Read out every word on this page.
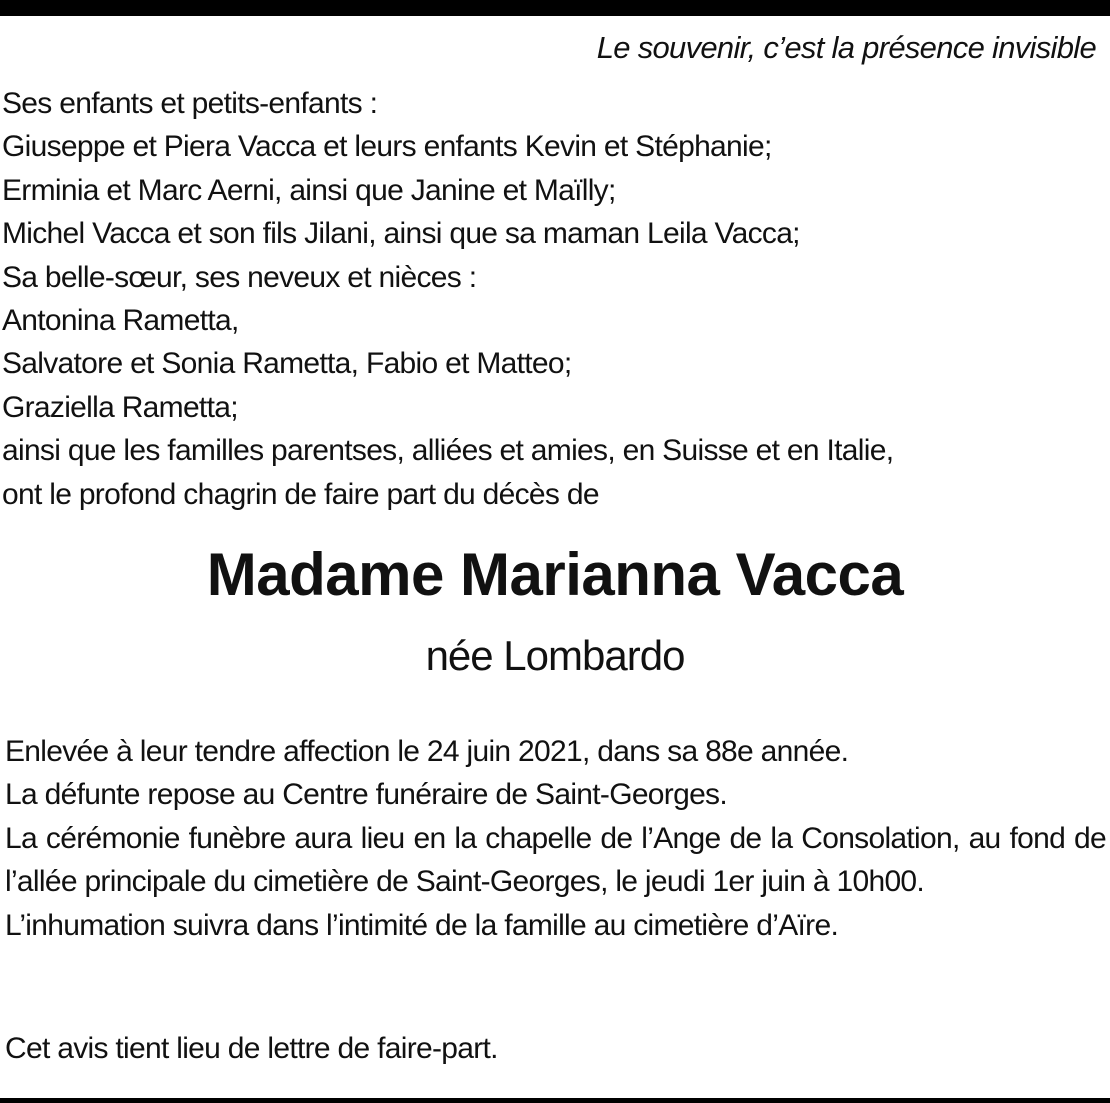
Le souvenir, c’est la présence invisible
Ses enfants et petits-enfants :
Giuseppe et Piera Vacca et leurs enfants Kevin et Stéphanie;
Erminia et Marc Aerni, ainsi que Janine et Maïlly;
Michel Vacca et son fils Jilani, ainsi que sa maman Leila Vacca;
Sa belle-sœur, ses neveux et nièces :
Antonina Rametta,
Salvatore et Sonia Rametta, Fabio et Matteo;
Graziella Rametta;
ainsi que les familles parentses, alliées et amies, en Suisse et en Italie,
ont le profond chagrin de faire part du décès de
Madame Marianna Vacca
née Lombardo

Enlevée à leur tendre affection le 24 juin 2021, dans sa 88e année.

La défunte repose au Centre funéraire de Saint-Georges.

La cérémonie funèbre aura lieu en la chapelle de l’Ange de la Consolation, au fond de l’allée principale du cimetière de Saint-Georges, le jeudi 1er juin à 10h00.

L’inhumation suivra dans l’intimité de la famille au cimetière d’Aïre.

Cet avis tient lieu de lettre de faire-part.
